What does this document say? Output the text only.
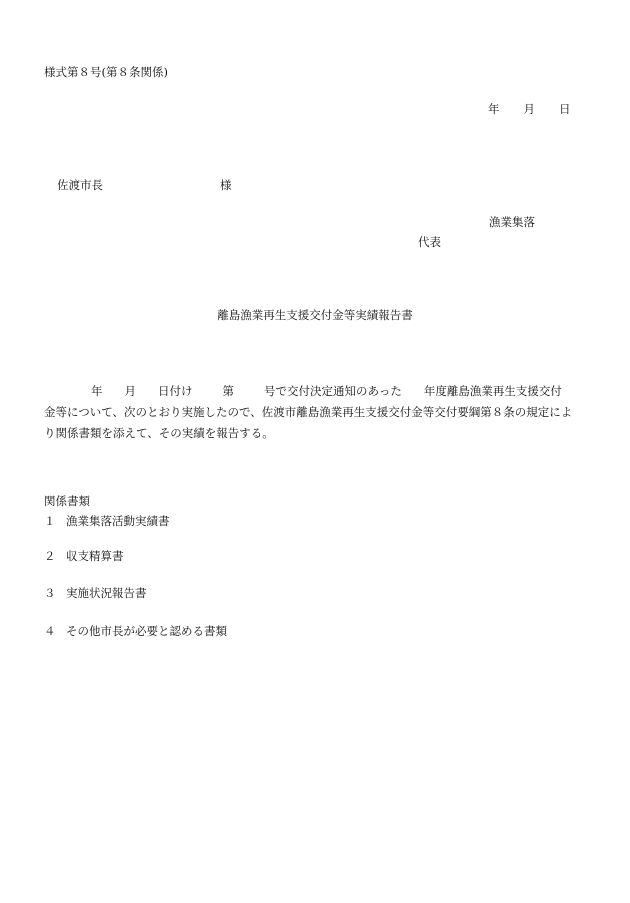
様式第８号(第８条関係)
年 月 日
佐渡市長	様
漁業集落
代表
離島漁業再生支援交付金等実績報告書
年 月 日付け	第	号で交付決定通知のあった 年度離島漁業再生支援交付
金等について、次のとおり実施したので、佐渡市離島漁業再生支援交付金等交付要綱第８条の規定によ
り関係書類を添えて、その実績を報告する。
関係書類
１ 漁業集落活動実績書
２ 収支精算書
３ 実施状況報告書
４ その他市長が必要と認める書類
